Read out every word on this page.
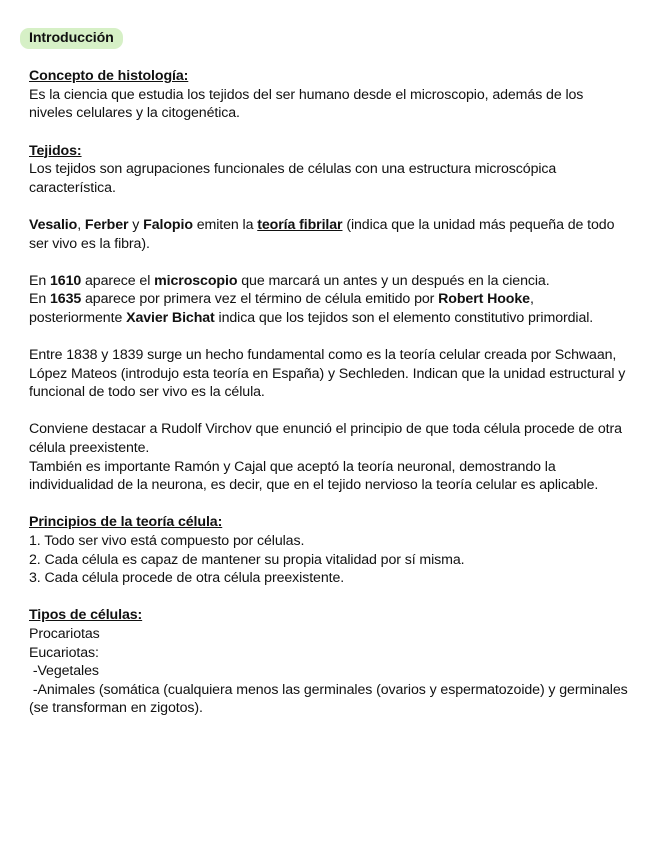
Introducción

Concepto de histología:

Es la ciencia que estudia los tejidos del ser humano desde el microscopio, además de los niveles celulares y la citogenética.

Tejidos:

Los tejidos son agrupaciones funcionales de células con una estructura microscópica característica.

Vesalio, Ferber y Falopio emiten la teoría fibrilar (indica que la unidad más pequeña de todo ser vivo es la fibra).

En 1610 aparece el microscopio que marcará un antes y un después en la ciencia.

En 1635 aparece por primera vez el término de célula emitido por Robert Hooke, posteriormente Xavier Bichat indica que los tejidos son el elemento constitutivo primordial.

Entre 1838 y 1839 surge un hecho fundamental como es la teoría celular creada por Schwaan, López Mateos (introdujo esta teoría en España) y Sechleden. Indican que la unidad estructural y funcional de todo ser vivo es la célula.

Conviene destacar a Rudolf Virchov que enunció el principio de que toda célula procede de otra célula preexistente.

También es importante Ramón y Cajal que aceptó la teoría neuronal, demostrando la individualidad de la neurona, es decir, que en el tejido nervioso la teoría celular es aplicable.

Principios de la teoría célula:

1. Todo ser vivo está compuesto por células.

2. Cada célula es capaz de mantener su propia vitalidad por sí misma.

3. Cada célula procede de otra célula preexistente.

Tipos de células:

Procariotas

Eucariotas:

-Vegetales

-Animales (somática (cualquiera menos las germinales (ovarios y espermatozoide) y germinales (se transforman en zigotos).
